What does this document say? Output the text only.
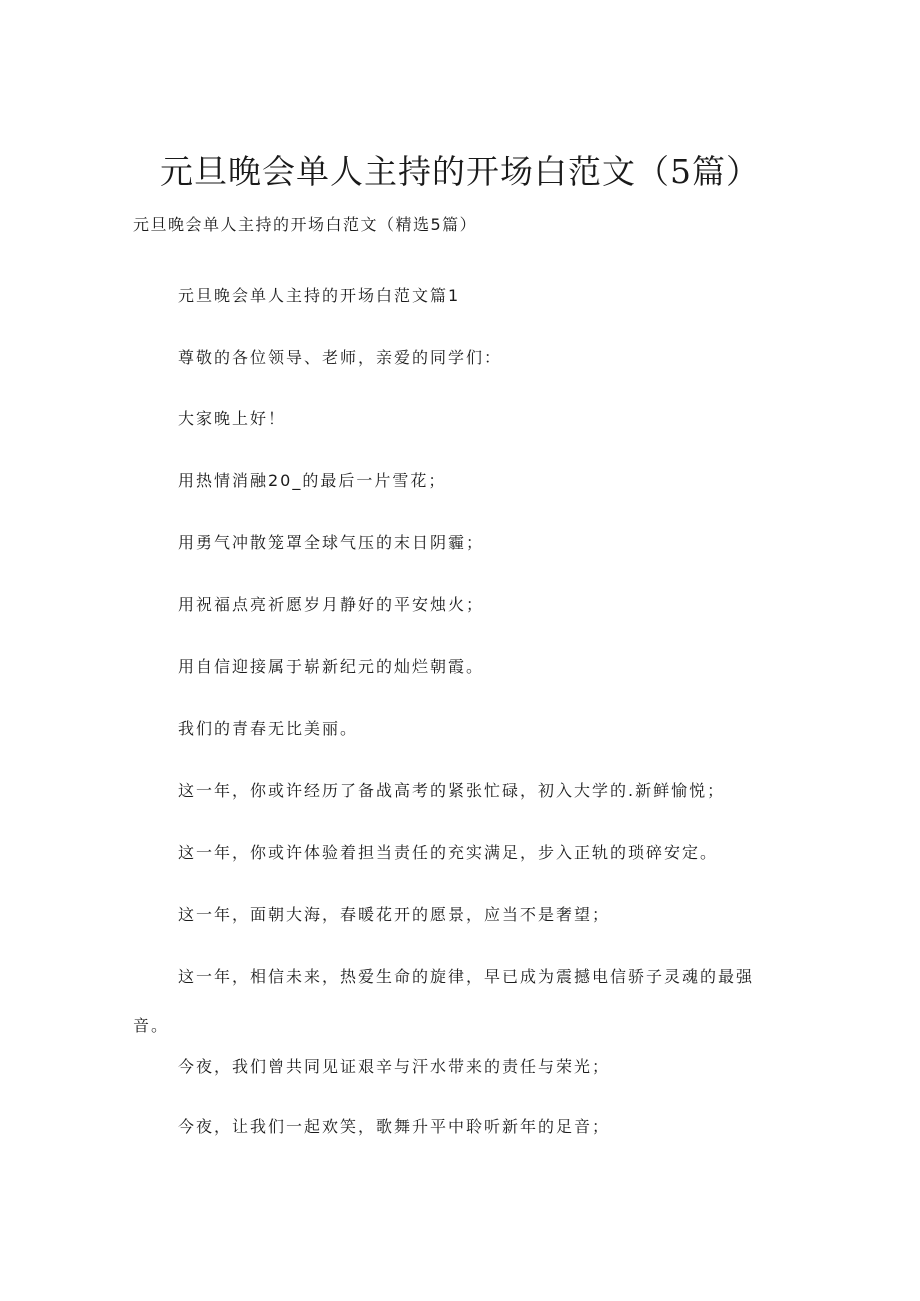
元旦晚会单人主持的开场白范文（5篇）

元旦晚会单人主持的开场白范文（精选5篇）

元旦晚会单人主持的开场白范文篇1

尊敬的各位领导、老师，亲爱的同学们：

大家晚上好！

用热情消融20_的最后一片雪花；

用勇气冲散笼罩全球气压的末日阴霾；

用祝福点亮祈愿岁月静好的平安烛火；

用自信迎接属于崭新纪元的灿烂朝霞。

我们的青春无比美丽。

这一年，你或许经历了备战高考的紧张忙碌，初入大学的.新鲜愉悦；

这一年，你或许体验着担当责任的充实满足，步入正轨的琐碎安定。

这一年，面朝大海，春暖花开的愿景，应当不是奢望；

这一年，相信未来，热爱生命的旋律，早已成为震撼电信骄子灵魂的最强

音。

今夜，我们曾共同见证艰辛与汗水带来的责任与荣光；

今夜，让我们一起欢笑，歌舞升平中聆听新年的足音；
